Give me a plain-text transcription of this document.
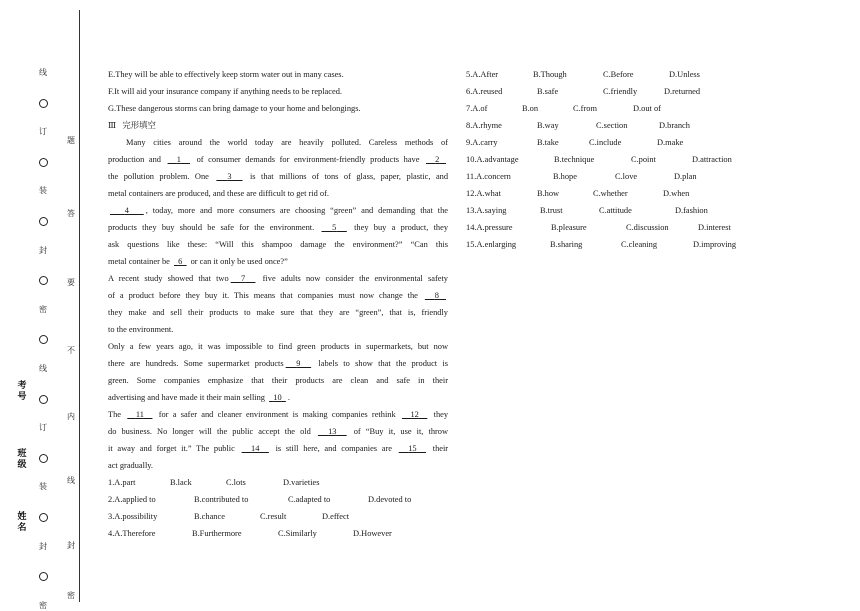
线
订
装
封
密
线
订
装
封
密
题
答
要
不
内
线
封
密
考号
班级
姓名
E.They will be able to effectively keep storm water out in many cases.
F.It will aid your insurance company if anything needs to be replaced.
G.These dangerous storms can bring damage to your home and belongings.
Ⅲ   完形填空
Many cities around the world today are heavily polluted. Careless methods of
production and 1 of consumer demands for environment-friendly products have 2
the pollution problem. One 3 is that millions of tons of glass, paper, plastic, and
metal containers are produced, and these are difficult to get rid of.
4 , today, more and more consumers are choosing “green” and demanding that the
products they buy should be safe for the environment. 5 they buy a product, they
ask questions like these: “Will this shampoo damage the environment?” “Can this
metal container be 6 or can it only be used once?”
A recent study showed that two 7 five adults now consider the environmental safety
of a product before they buy it. This means that companies must now change the 8
they make and sell their products to make sure that they are “green”, that is, friendly
to the environment.
Only a few years ago, it was impossible to find green products in supermarkets, but now
there are hundreds. Some supermarket products 9 labels to show that the product is
green. Some companies emphasize that their products are clean and safe in their
advertising and have made it their main selling 10 .
The 11 for a safer and cleaner environment is making companies rethink 12 they
do business. No longer will the public accept the old 13 of “Buy it, use it, throw
it away and forget it.” The public 14 is still here, and companies are 15 their
act gradually.
1.A.part	B.lack	C.lots	D.varieties
2.A.applied to	B.contributed to	C.adapted to	D.devoted to
3.A.possibility	B.chance	C.result	D.effect
4.A.Therefore	B.Furthermore	C.Similarly	D.However
5.A.After	B.Though	C.Before	D.Unless
6.A.reused	B.safe	C.friendly	D.returned
7.A.of	B.on	C.from	D.out of
8.A.rhyme	B.way	C.section	D.branch
9.A.carry	B.take	C.include	D.make
10.A.advantage	B.technique	C.point	D.attraction
11.A.concern	B.hope	C.love	D.plan
12.A.what	B.how	C.whether	D.when
13.A.saying	B.trust	C.attitude	D.fashion
14.A.pressure	B.pleasure	C.discussion	D.interest
15.A.enlarging	B.sharing	C.cleaning	D.improving
